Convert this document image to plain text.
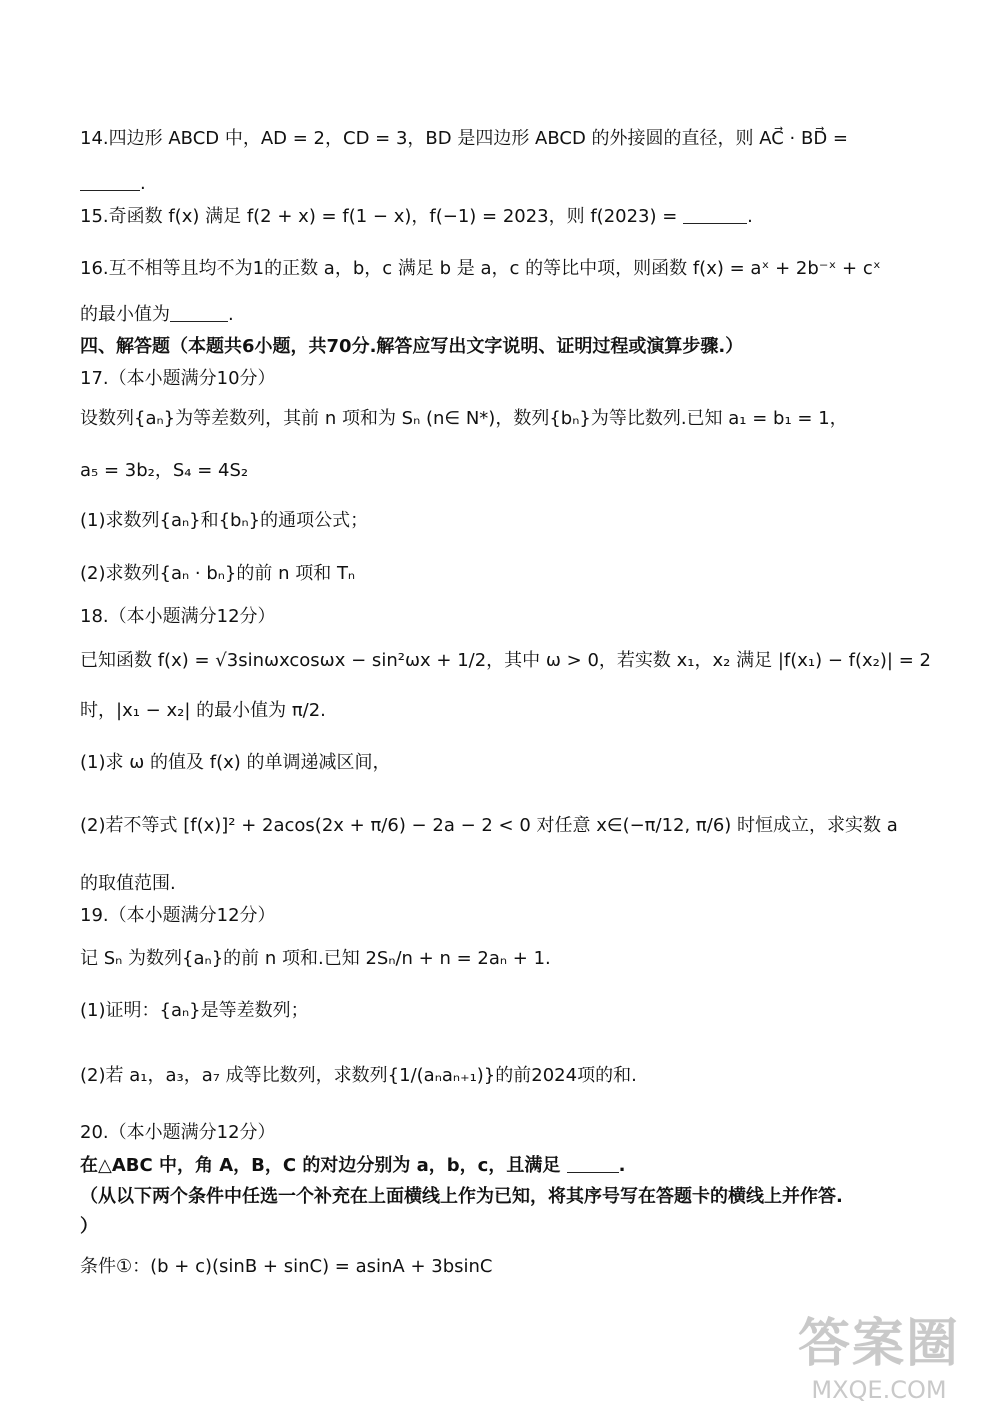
14.四边形 ABCD 中，AD = 2，CD = 3，BD 是四边形 ABCD 的外接圆的直径，则 AC⃗ · BD⃗ =
.
15.奇函数 f(x) 满足 f(2 + x) = f(1 − x)，f(−1) = 2023，则 f(2023) =	.
16.互不相等且均不为1的正数 a，b，c 满足 b 是 a，c 的等比中项，则函数 f(x) = aˣ + 2b⁻ˣ + cˣ
的最小值为	.
四、解答题（本题共6小题，共70分.解答应写出文字说明、证明过程或演算步骤.）
17.（本小题满分10分）
设数列{aₙ}为等差数列，其前 n 项和为 Sₙ (n∈ N*)，数列{bₙ}为等比数列.已知 a₁ = b₁ = 1，
a₅ = 3b₂，S₄ = 4S₂
(1)求数列{aₙ}和{bₙ}的通项公式；
(2)求数列{aₙ · bₙ}的前 n 项和 Tₙ
18.（本小题满分12分）
已知函数 f(x) = √3sinωxcosωx − sin²ωx + 1/2，其中 ω > 0，若实数 x₁，x₂ 满足 |f(x₁) − f(x₂)| = 2
时，|x₁ − x₂| 的最小值为 π/2.
(1)求 ω 的值及 f(x) 的单调递减区间，
(2)若不等式 [f(x)]² + 2acos(2x + π/6) − 2a − 2 < 0 对任意 x∈(−π/12, π/6) 时恒成立，求实数 a
的取值范围.
19.（本小题满分12分）
记 Sₙ 为数列{aₙ}的前 n 项和.已知 2Sₙ/n + n = 2aₙ + 1.
(1)证明：{aₙ}是等差数列；
(2)若 a₁，a₃，a₇ 成等比数列，求数列{1/(aₙaₙ₊₁)}的前2024项的和.
20.（本小题满分12分）
在△ABC 中，角 A，B，C 的对边分别为 a，b，c，且满足	.
（从以下两个条件中任选一个补充在上面横线上作为已知，将其序号写在答题卡的横线上并作答.
）
条件①：(b + c)(sinB + sinC) = asinA + 3bsinC
答案圈
MXQE.COM
